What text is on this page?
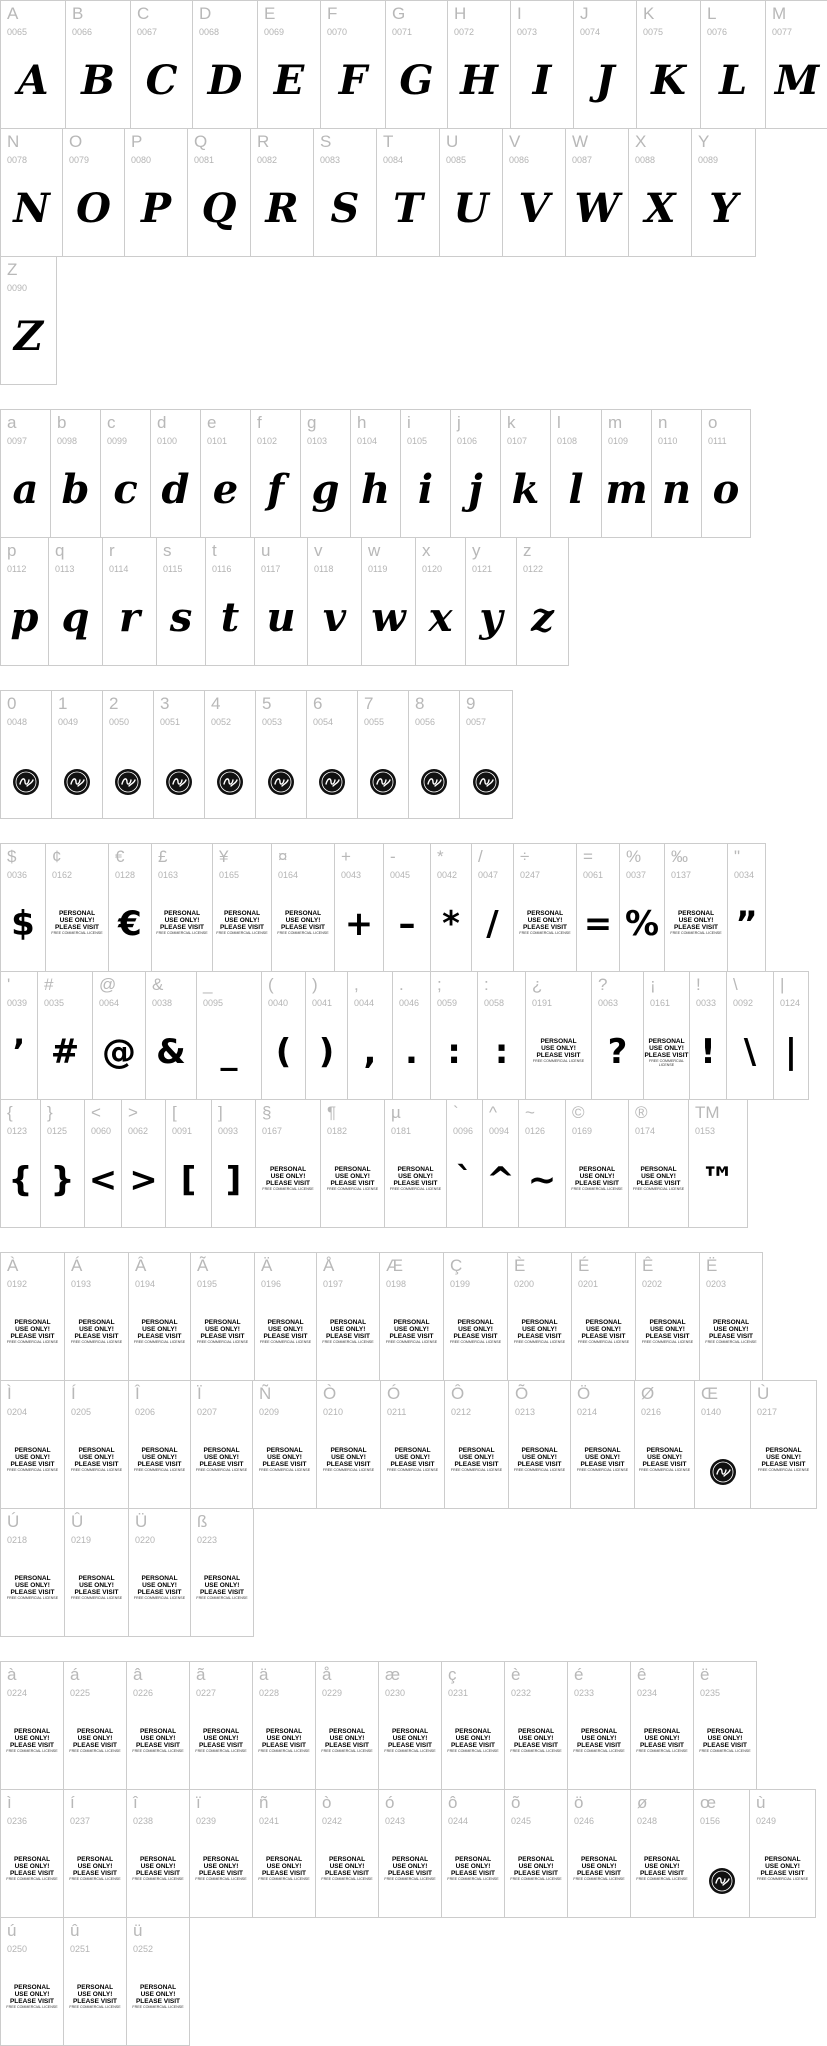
A
0065
A
B
0066
B
C
0067
C
D
0068
D
E
0069
E
F
0070
F
G
0071
G
H
0072
H
I
0073
I
J
0074
J
K
0075
K
L
0076
L
M
0077
M
N
0078
N
O
0079
O
P
0080
P
Q
0081
Q
R
0082
R
S
0083
S
T
0084
T
U
0085
U
V
0086
V
W
0087
W
X
0088
X
Y
0089
Y
Z
0090
Z
a
0097
a
b
0098
b
c
0099
c
d
0100
d
e
0101
e
f
0102
f
g
0103
g
h
0104
h
i
0105
i
j
0106
j
k
0107
k
l
0108
l
m
0109
m
n
0110
n
o
0111
o
p
0112
p
q
0113
q
r
0114
r
s
0115
s
t
0116
t
u
0117
u
v
0118
v
w
0119
w
x
0120
x
y
0121
y
z
0122
z
0
0048
1
0049
2
0050
3
0051
4
0052
5
0053
6
0054
7
0055
8
0056
9
0057
$
0036
$
¢
0162
PERSONAL
USE ONLY!
PLEASE VISIT
FREE COMMERCIAL LICENSE
€
0128
€
£
0163
PERSONAL
USE ONLY!
PLEASE VISIT
FREE COMMERCIAL LICENSE
¥
0165
PERSONAL
USE ONLY!
PLEASE VISIT
FREE COMMERCIAL LICENSE
¤
0164
PERSONAL
USE ONLY!
PLEASE VISIT
FREE COMMERCIAL LICENSE
+
0043
+
-
0045
–
*
0042
*
/
0047
/
÷
0247
PERSONAL
USE ONLY!
PLEASE VISIT
FREE COMMERCIAL LICENSE
=
0061
=
%
0037
%
‰
0137
PERSONAL
USE ONLY!
PLEASE VISIT
FREE COMMERCIAL LICENSE
"
0034
”
'
0039
’
#
0035
#
@
0064
@
&
0038
&
_
0095
_
(
0040
(
)
0041
)
,
0044
,
.
0046
.
;
0059
:
:
0058
:
¿
0191
PERSONAL
USE ONLY!
PLEASE VISIT
FREE COMMERCIAL LICENSE
?
0063
?
¡
0161
PERSONAL
USE ONLY!
PLEASE VISIT
FREE COMMERCIAL LICENSE
!
0033
!
\
0092
\
|
0124
|
{
0123
{
}
0125
}
<
0060
<
>
0062
>
[
0091
[
]
0093
]
§
0167
PERSONAL
USE ONLY!
PLEASE VISIT
FREE COMMERCIAL LICENSE
¶
0182
PERSONAL
USE ONLY!
PLEASE VISIT
FREE COMMERCIAL LICENSE
µ
0181
PERSONAL
USE ONLY!
PLEASE VISIT
FREE COMMERCIAL LICENSE
`
0096
`
^
0094
^
~
0126
~
©
0169
PERSONAL
USE ONLY!
PLEASE VISIT
FREE COMMERCIAL LICENSE
®
0174
PERSONAL
USE ONLY!
PLEASE VISIT
FREE COMMERCIAL LICENSE
TM
0153
™
À
0192
PERSONAL
USE ONLY!
PLEASE VISIT
FREE COMMERCIAL LICENSE
Á
0193
PERSONAL
USE ONLY!
PLEASE VISIT
FREE COMMERCIAL LICENSE
Â
0194
PERSONAL
USE ONLY!
PLEASE VISIT
FREE COMMERCIAL LICENSE
Ã
0195
PERSONAL
USE ONLY!
PLEASE VISIT
FREE COMMERCIAL LICENSE
Ä
0196
PERSONAL
USE ONLY!
PLEASE VISIT
FREE COMMERCIAL LICENSE
Å
0197
PERSONAL
USE ONLY!
PLEASE VISIT
FREE COMMERCIAL LICENSE
Æ
0198
PERSONAL
USE ONLY!
PLEASE VISIT
FREE COMMERCIAL LICENSE
Ç
0199
PERSONAL
USE ONLY!
PLEASE VISIT
FREE COMMERCIAL LICENSE
È
0200
PERSONAL
USE ONLY!
PLEASE VISIT
FREE COMMERCIAL LICENSE
É
0201
PERSONAL
USE ONLY!
PLEASE VISIT
FREE COMMERCIAL LICENSE
Ê
0202
PERSONAL
USE ONLY!
PLEASE VISIT
FREE COMMERCIAL LICENSE
Ë
0203
PERSONAL
USE ONLY!
PLEASE VISIT
FREE COMMERCIAL LICENSE
Ì
0204
PERSONAL
USE ONLY!
PLEASE VISIT
FREE COMMERCIAL LICENSE
Í
0205
PERSONAL
USE ONLY!
PLEASE VISIT
FREE COMMERCIAL LICENSE
Î
0206
PERSONAL
USE ONLY!
PLEASE VISIT
FREE COMMERCIAL LICENSE
Ï
0207
PERSONAL
USE ONLY!
PLEASE VISIT
FREE COMMERCIAL LICENSE
Ñ
0209
PERSONAL
USE ONLY!
PLEASE VISIT
FREE COMMERCIAL LICENSE
Ò
0210
PERSONAL
USE ONLY!
PLEASE VISIT
FREE COMMERCIAL LICENSE
Ó
0211
PERSONAL
USE ONLY!
PLEASE VISIT
FREE COMMERCIAL LICENSE
Ô
0212
PERSONAL
USE ONLY!
PLEASE VISIT
FREE COMMERCIAL LICENSE
Õ
0213
PERSONAL
USE ONLY!
PLEASE VISIT
FREE COMMERCIAL LICENSE
Ö
0214
PERSONAL
USE ONLY!
PLEASE VISIT
FREE COMMERCIAL LICENSE
Ø
0216
PERSONAL
USE ONLY!
PLEASE VISIT
FREE COMMERCIAL LICENSE
Œ
0140
Ù
0217
PERSONAL
USE ONLY!
PLEASE VISIT
FREE COMMERCIAL LICENSE
Ú
0218
PERSONAL
USE ONLY!
PLEASE VISIT
FREE COMMERCIAL LICENSE
Û
0219
PERSONAL
USE ONLY!
PLEASE VISIT
FREE COMMERCIAL LICENSE
Ü
0220
PERSONAL
USE ONLY!
PLEASE VISIT
FREE COMMERCIAL LICENSE
ß
0223
PERSONAL
USE ONLY!
PLEASE VISIT
FREE COMMERCIAL LICENSE
à
0224
PERSONAL
USE ONLY!
PLEASE VISIT
FREE COMMERCIAL LICENSE
á
0225
PERSONAL
USE ONLY!
PLEASE VISIT
FREE COMMERCIAL LICENSE
â
0226
PERSONAL
USE ONLY!
PLEASE VISIT
FREE COMMERCIAL LICENSE
ã
0227
PERSONAL
USE ONLY!
PLEASE VISIT
FREE COMMERCIAL LICENSE
ä
0228
PERSONAL
USE ONLY!
PLEASE VISIT
FREE COMMERCIAL LICENSE
å
0229
PERSONAL
USE ONLY!
PLEASE VISIT
FREE COMMERCIAL LICENSE
æ
0230
PERSONAL
USE ONLY!
PLEASE VISIT
FREE COMMERCIAL LICENSE
ç
0231
PERSONAL
USE ONLY!
PLEASE VISIT
FREE COMMERCIAL LICENSE
è
0232
PERSONAL
USE ONLY!
PLEASE VISIT
FREE COMMERCIAL LICENSE
é
0233
PERSONAL
USE ONLY!
PLEASE VISIT
FREE COMMERCIAL LICENSE
ê
0234
PERSONAL
USE ONLY!
PLEASE VISIT
FREE COMMERCIAL LICENSE
ë
0235
PERSONAL
USE ONLY!
PLEASE VISIT
FREE COMMERCIAL LICENSE
ì
0236
PERSONAL
USE ONLY!
PLEASE VISIT
FREE COMMERCIAL LICENSE
í
0237
PERSONAL
USE ONLY!
PLEASE VISIT
FREE COMMERCIAL LICENSE
î
0238
PERSONAL
USE ONLY!
PLEASE VISIT
FREE COMMERCIAL LICENSE
ï
0239
PERSONAL
USE ONLY!
PLEASE VISIT
FREE COMMERCIAL LICENSE
ñ
0241
PERSONAL
USE ONLY!
PLEASE VISIT
FREE COMMERCIAL LICENSE
ò
0242
PERSONAL
USE ONLY!
PLEASE VISIT
FREE COMMERCIAL LICENSE
ó
0243
PERSONAL
USE ONLY!
PLEASE VISIT
FREE COMMERCIAL LICENSE
ô
0244
PERSONAL
USE ONLY!
PLEASE VISIT
FREE COMMERCIAL LICENSE
õ
0245
PERSONAL
USE ONLY!
PLEASE VISIT
FREE COMMERCIAL LICENSE
ö
0246
PERSONAL
USE ONLY!
PLEASE VISIT
FREE COMMERCIAL LICENSE
ø
0248
PERSONAL
USE ONLY!
PLEASE VISIT
FREE COMMERCIAL LICENSE
œ
0156
ù
0249
PERSONAL
USE ONLY!
PLEASE VISIT
FREE COMMERCIAL LICENSE
ú
0250
PERSONAL
USE ONLY!
PLEASE VISIT
FREE COMMERCIAL LICENSE
û
0251
PERSONAL
USE ONLY!
PLEASE VISIT
FREE COMMERCIAL LICENSE
ü
0252
PERSONAL
USE ONLY!
PLEASE VISIT
FREE COMMERCIAL LICENSE
